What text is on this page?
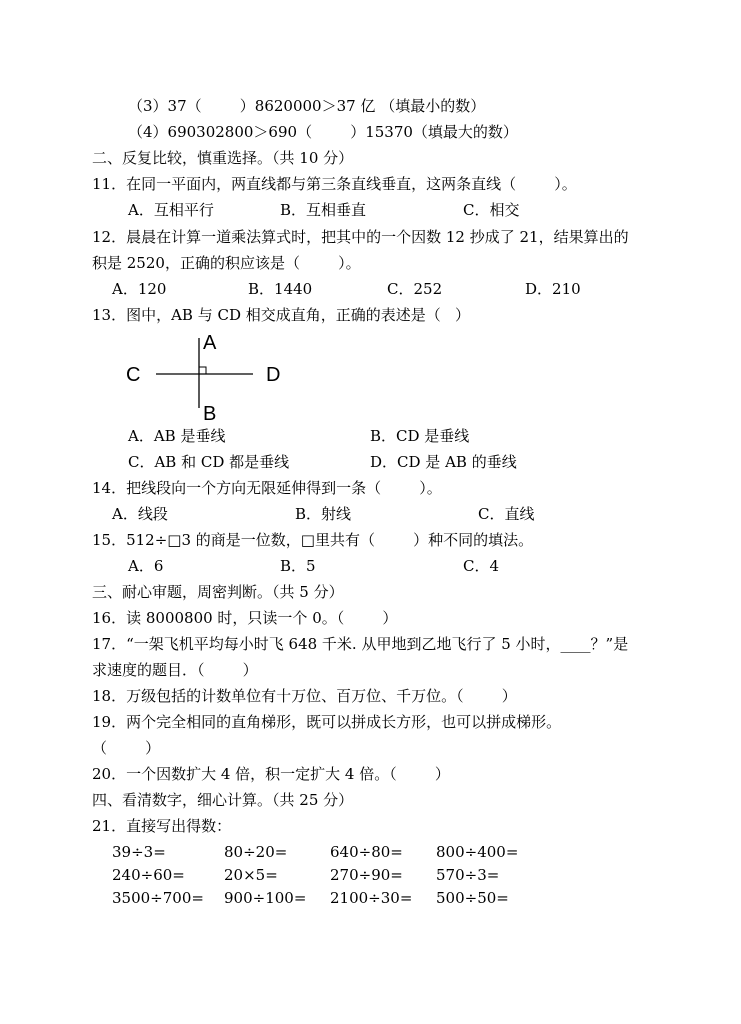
（3）37（        ）8620000＞37 亿 （填最小的数）
（4）690302800＞690（        ）15370（填最大的数）
二、反复比较，慎重选择。（共 10 分）
11．在同一平面内，两直线都与第三条直线垂直，这两条直线（        ）。
A．互相平行	B．互相垂直	C．相交
12．晨晨在计算一道乘法算式时，把其中的一个因数 12 抄成了 21，结果算出的
积是 2520，正确的积应该是（        ）。
A．120	B．1440	C．252	D．210
13．图中，AB 与 CD 相交成直角，正确的表述是（   ）
A
B
C	D
A．AB 是垂线	B．CD 是垂线
C．AB 和 CD 都是垂线	D．CD 是 AB 的垂线
14．把线段向一个方向无限延伸得到一条（        ）。
A．线段	B．射线	C．直线
15．512÷□3 的商是一位数，□里共有（        ）种不同的填法。
A．6	B．5	C．4
三、耐心审题，周密判断。（共 5 分）
16．读 8000800 时，只读一个 0。（        ）
17．“一架飞机平均每小时飞 648 千米. 从甲地到乙地飞行了 5 小时，____？”是
求速度的题目．（        ）
18．万级包括的计数单位有十万位、百万位、千万位。（        ）
19．两个完全相同的直角梯形，既可以拼成长方形，也可以拼成梯形。
（        ）
20．一个因数扩大 4 倍，积一定扩大 4 倍。（        ）
四、看清数字，细心计算。（共 25 分）
21．直接写出得数：
39÷3=	80÷20=	640÷80= 800÷400=
240÷60=	20×5=	270÷90= 570÷3=
3500÷700= 900÷100= 2100÷30= 500÷50=
